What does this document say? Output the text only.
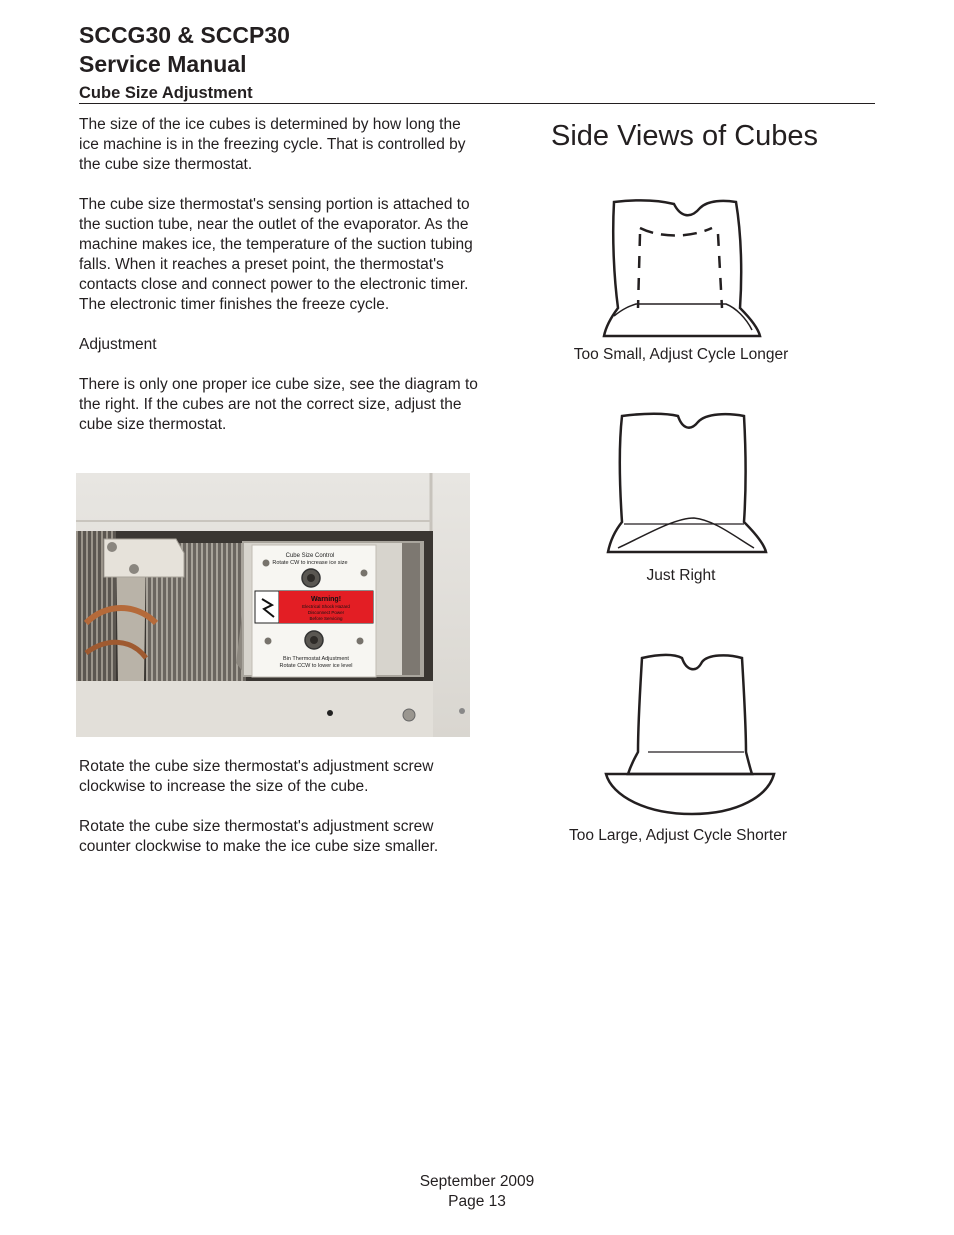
SCCG30 & SCCP30
Service Manual
Cube Size Adjustment

The size of the ice cubes is determined by how long the ice machine is in the freezing cycle. That is controlled by the cube size thermostat.

The cube size thermostat's sensing portion is attached to the suction tube, near the outlet of the evaporator. As the machine makes ice, the temperature of the suction tubing falls. When it reaches a preset point, the thermostat's contacts close and connect power to the electronic timer. The electronic timer finishes the freeze cycle.

Adjustment

There is only one proper ice cube size, see the diagram to the right. If the cubes are not the correct size, adjust the cube size thermostat.

Cube Size Control
Rotate CW to increase ice size
Warning!
Electrical Shock Hazard
Disconnect Power
Before Servicing
Bin Thermostat Adjustment
Rotate CCW to lower ice level

Rotate the cube size thermostat's adjustment screw clockwise to increase the size of the cube.

Rotate the cube size thermostat's adjustment screw counter clockwise to make the ice cube size smaller.

Side Views of Cubes
Too Small, Adjust Cycle Longer
Just Right
Too Large, Adjust Cycle Shorter
September 2009
Page 13
